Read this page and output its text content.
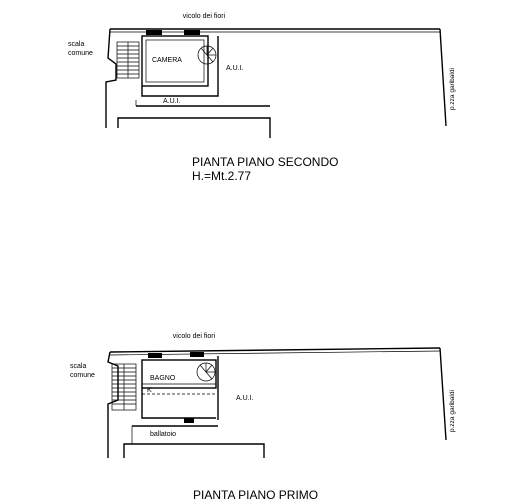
vicolo dei fiori
scala
comune
CAMERA
A.U.I.
A.U.I.	p.zza garibaldi
PIANTA PIANO SECONDO
H.=Mt.2.77
vicolo dei fiori
scala
comune	BAGNO
K
A.U.I.
ballatoio
p.zza garibaldi
PIANTA PIANO PRIMO
